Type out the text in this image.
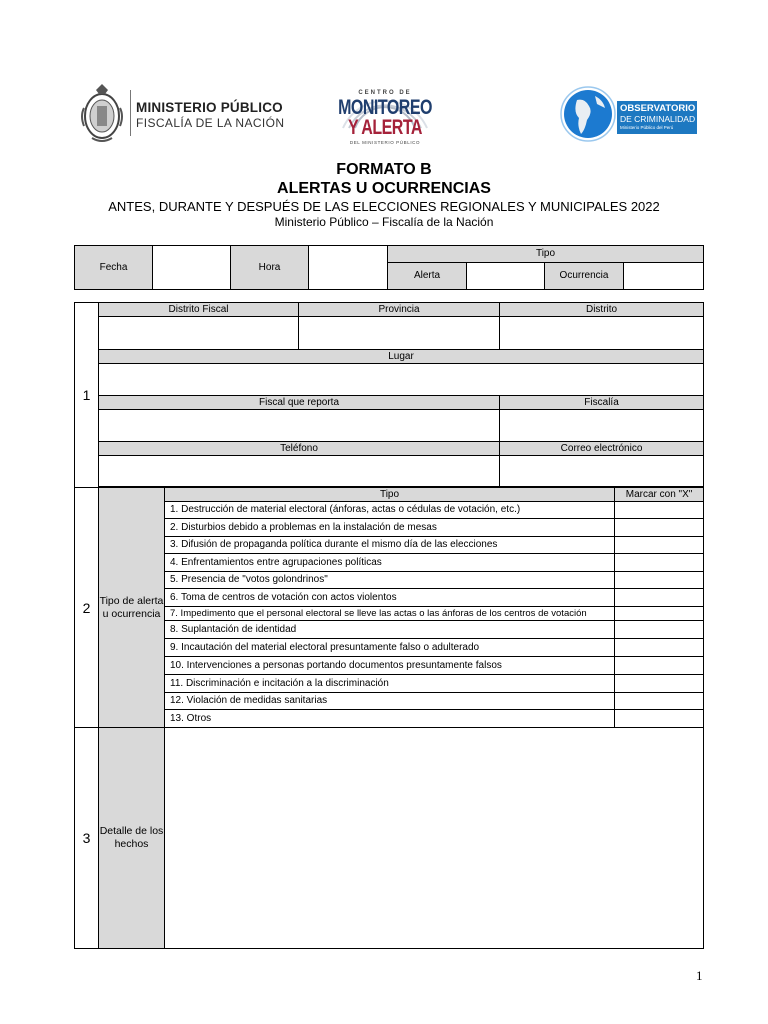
MINISTERIO PÚBLICO
FISCALÍA DE LA NACIÓN
CENTRO DE
MONITOREO
Y ALERTA
DEL MINISTERIO PÚBLICO
OBSERVATORIO
DE CRIMINALIDAD
Ministerio Público del Perú
FORMATO B
ALERTAS U OCURRENCIAS
ANTES, DURANTE Y DESPUÉS DE LAS ELECCIONES REGIONALES Y MUNICIPALES 2022
Ministerio Público – Fiscalía de la Nación
Fecha		Hora		Tipo			
				Alerta		Ocurrencia	
1	Distrito Fiscal		Provincia	Distrito	

	Lugar				

	Fiscal que reporta			Fiscalía	

	Teléfono			Correo electrónico	

2	Tipo de alerta u ocurrencia	Tipo			Marcar con "X"
		1. Destrucción de material electoral (ánforas, actas o cédulas de votación, etc.)			
		2. Disturbios debido a problemas en la instalación de mesas			
		3. Difusión de propaganda política durante el mismo día de las elecciones			
		4. Enfrentamientos entre agrupaciones políticas			
		5. Presencia de "votos golondrinos"			
		6. Toma de centros de votación con actos violentos			
		7. Impedimento que el personal electoral se lleve las actas o las ánforas de los centros de votación			
		8. Suplantación de identidad			
		9. Incautación del material electoral presuntamente falso o adulterado			
		10. Intervenciones a personas portando documentos presuntamente falsos			
		11. Discriminación e incitación a la discriminación			
		12. Violación de medidas sanitarias			
		13. Otros			
3	Detalle de los hechos				
1
